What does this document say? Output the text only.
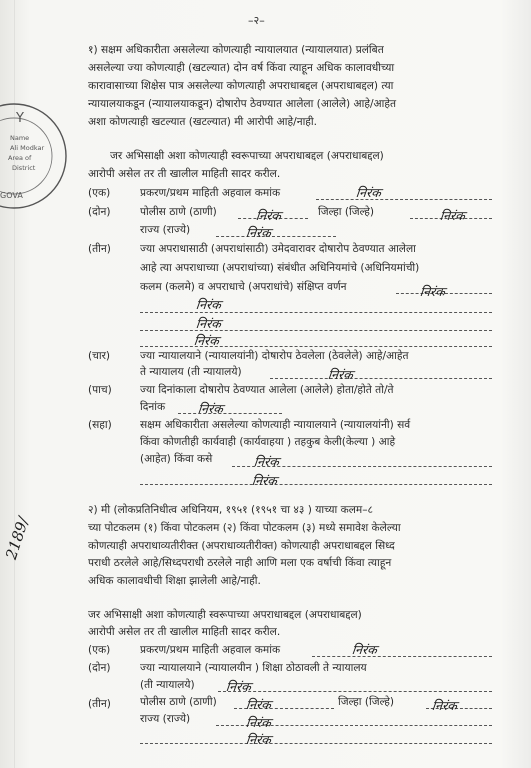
–२–
Y
Name
Ali Modkar
Area of
District
GOVA
१) सक्षम अधिकारीता असलेल्या कोणत्याही न्यायालयात (न्यायालयात) प्रलंबित
असलेल्या ज्या कोणत्याही (खटल्यात) दोन वर्ष किंवा त्याहून अधिक कालावधीच्या
कारावासाच्या शिक्षेस पात्र असलेल्या कोणत्याही अपराधाबद्दल (अपराधाबद्दल) त्या
न्यायालयाकडून (न्यायालयाकडून) दोषारोप ठेवण्यात आलेला (आलेले) आहे/आहेत
अशा कोणत्याही खटल्यात (खटल्यात) मी आरोपी आहे/नाही.
जर अभिसाक्षी अशा कोणत्याही स्वरूपाच्या अपराधाबद्दल (अपराधाबद्दल)
आरोपी असेल तर ती खालील माहिती सादर करील.
(एक)	प्रकरण/प्रथम माहिती अहवाल कमांक	निरंक
(दोन)	पोलीस ठाणे (ठाणी)	निरंक	जिल्हा (जिल्हे)	निरंक
राज्य (राज्ये)	निरंक
(तीन)	ज्या अपराधासाठी (अपराधांसाठी) उमेदवारावर दोषारोप ठेवण्यात आलेला
आहे त्या अपराधाच्या (अपराधांच्या) संबंधीत अधिनियमांचे (अधिनियमांची)
कलम (कलमे) व अपराधाचे (अपराधांचे) संक्षिप्त वर्णन	निरंक
निरंक
निरंक
निरंक
(चार)	ज्या न्यायालयाने (न्यायालयांनी) दोषारोप ठेवलेला (ठेवलेले) आहे/आहेत
ते न्यायालय (ती न्यायालये)	निरंक
(पाच)	ज्या दिनांकाला दोषारोप ठेवण्यात आलेला (आलेले) होता/होते तो/ते
दिनांक	निरंक
(सहा)	सक्षम अधिकारीता असलेल्या कोणत्याही न्यायालयाने (न्यायालयांनी) सर्व
किंवा कोणतीही कार्यवाही (कार्यवाहया ) तहकुब केली(केल्या ) आहे
(आहेत) किंवा कसे	निरंक
निरंक
२) मी (लोकप्रतिनिधीत्व अधिनियम, १९५१ (१९५१ चा ४३ ) याच्या कलम–८
च्या पोटकलम (१) किंवा पोटकलम (२) किंवा पोटकलम (३) मध्ये समावेश केलेल्या
कोणत्याही अपराधाव्यतीरीक्त (अपराधाव्यतीरीक्त) कोणत्याही अपराधाबद्दल सिध्द
पराधी ठरलेले आहे/सिध्दपराधी ठरलेले नाही आणि मला एक वर्षाची किंवा त्याहून
अधिक कालावधीची शिक्षा झालेली आहे/नाही.
जर अभिसाक्षी अशा कोणत्याही स्वरूपाच्या अपराधाबद्दल (अपराधाबद्दल)
आरोपी असेल तर ती खालील माहिती सादर करील.
(एक)	प्रकरण/प्रथम माहिती अहवाल कमांक	निरंक
(दोन)	ज्या न्यायालयाने (न्यायालयीन ) शिक्षा ठोठावली ते न्यायालय
(ती न्यायालये) निरंक
(तीन)	पोलीस ठाणे (ठाणी) निरंक	जिल्हा (जिल्हे)	निरंक
राज्य (राज्ये)	निरंक
निरंक
2189/
